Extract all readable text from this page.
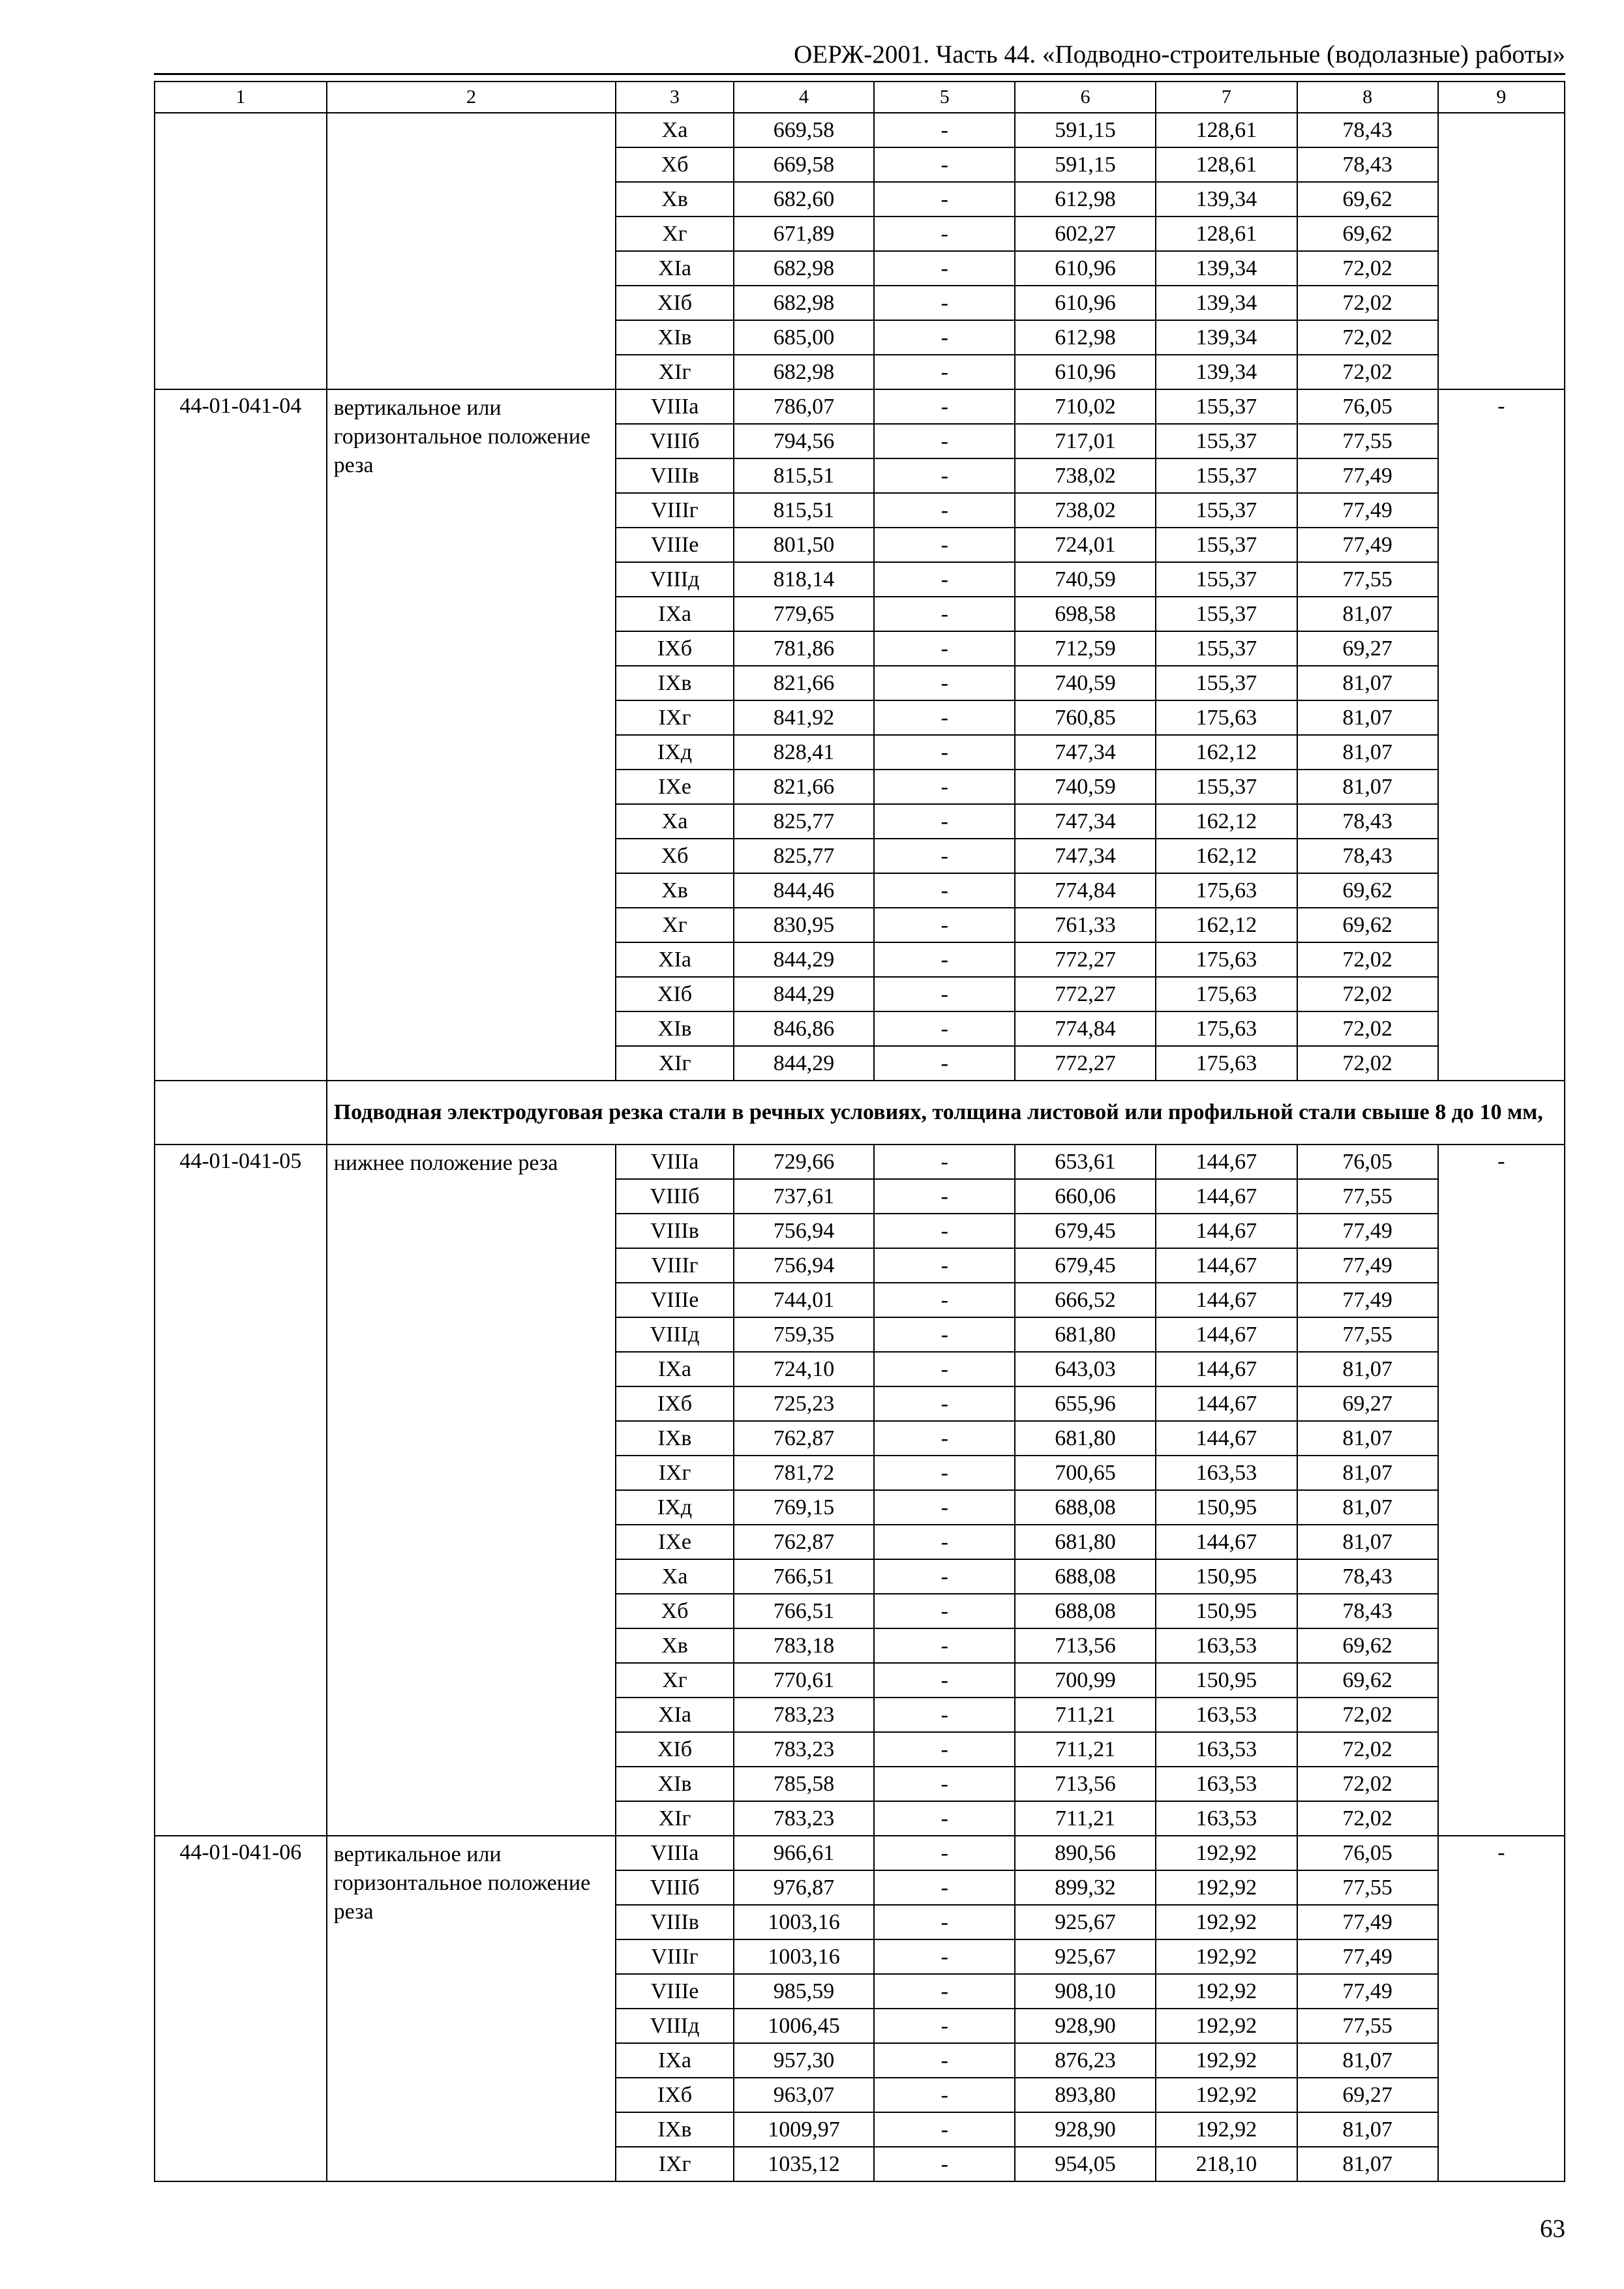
ОЕРЖ-2001. Часть 44. «Подводно-строительные (водолазные) работы»
1	2	3	4	5	6	7	8	9
		Xа	669,58	-	591,15	128,61	78,43	
		Xб	669,58	-	591,15	128,61	78,43	
		Xв	682,60	-	612,98	139,34	69,62	
		Xг	671,89	-	602,27	128,61	69,62	
		XIа	682,98	-	610,96	139,34	72,02	
		XIб	682,98	-	610,96	139,34	72,02	
		XIв	685,00	-	612,98	139,34	72,02	
		XIг	682,98	-	610,96	139,34	72,02	
44-01-041-04	вертикальное или горизонтальное положение реза	VIIIа	786,07	-	710,02	155,37	76,05	-
		VIIIб	794,56	-	717,01	155,37	77,55	
		VIIIв	815,51	-	738,02	155,37	77,49	
		VIIIг	815,51	-	738,02	155,37	77,49	
		VIIIе	801,50	-	724,01	155,37	77,49	
		VIIIд	818,14	-	740,59	155,37	77,55	
		IXа	779,65	-	698,58	155,37	81,07	
		IXб	781,86	-	712,59	155,37	69,27	
		IXв	821,66	-	740,59	155,37	81,07	
		IXг	841,92	-	760,85	175,63	81,07	
		IXд	828,41	-	747,34	162,12	81,07	
		IXе	821,66	-	740,59	155,37	81,07	
		Xа	825,77	-	747,34	162,12	78,43	
		Xб	825,77	-	747,34	162,12	78,43	
		Xв	844,46	-	774,84	175,63	69,62	
		Xг	830,95	-	761,33	162,12	69,62	
		XIа	844,29	-	772,27	175,63	72,02	
		XIб	844,29	-	772,27	175,63	72,02	
		XIв	846,86	-	774,84	175,63	72,02	
		XIг	844,29	-	772,27	175,63	72,02	
	Подводная электродуговая резка стали в речных условиях, толщина листовой или профильной стали свыше 8 до 10 мм,							
44-01-041-05	нижнее положение реза	VIIIа	729,66	-	653,61	144,67	76,05	-
		VIIIб	737,61	-	660,06	144,67	77,55	
		VIIIв	756,94	-	679,45	144,67	77,49	
		VIIIг	756,94	-	679,45	144,67	77,49	
		VIIIе	744,01	-	666,52	144,67	77,49	
		VIIIд	759,35	-	681,80	144,67	77,55	
		IXа	724,10	-	643,03	144,67	81,07	
		IXб	725,23	-	655,96	144,67	69,27	
		IXв	762,87	-	681,80	144,67	81,07	
		IXг	781,72	-	700,65	163,53	81,07	
		IXд	769,15	-	688,08	150,95	81,07	
		IXе	762,87	-	681,80	144,67	81,07	
		Xа	766,51	-	688,08	150,95	78,43	
		Xб	766,51	-	688,08	150,95	78,43	
		Xв	783,18	-	713,56	163,53	69,62	
		Xг	770,61	-	700,99	150,95	69,62	
		XIа	783,23	-	711,21	163,53	72,02	
		XIб	783,23	-	711,21	163,53	72,02	
		XIв	785,58	-	713,56	163,53	72,02	
		XIг	783,23	-	711,21	163,53	72,02	
44-01-041-06	вертикальное или горизонтальное положение реза	VIIIа	966,61	-	890,56	192,92	76,05	-
		VIIIб	976,87	-	899,32	192,92	77,55	
		VIIIв	1003,16	-	925,67	192,92	77,49	
		VIIIг	1003,16	-	925,67	192,92	77,49	
		VIIIе	985,59	-	908,10	192,92	77,49	
		VIIIд	1006,45	-	928,90	192,92	77,55	
		IXа	957,30	-	876,23	192,92	81,07	
		IXб	963,07	-	893,80	192,92	69,27	
		IXв	1009,97	-	928,90	192,92	81,07	
		IXг	1035,12	-	954,05	218,10	81,07	
63
